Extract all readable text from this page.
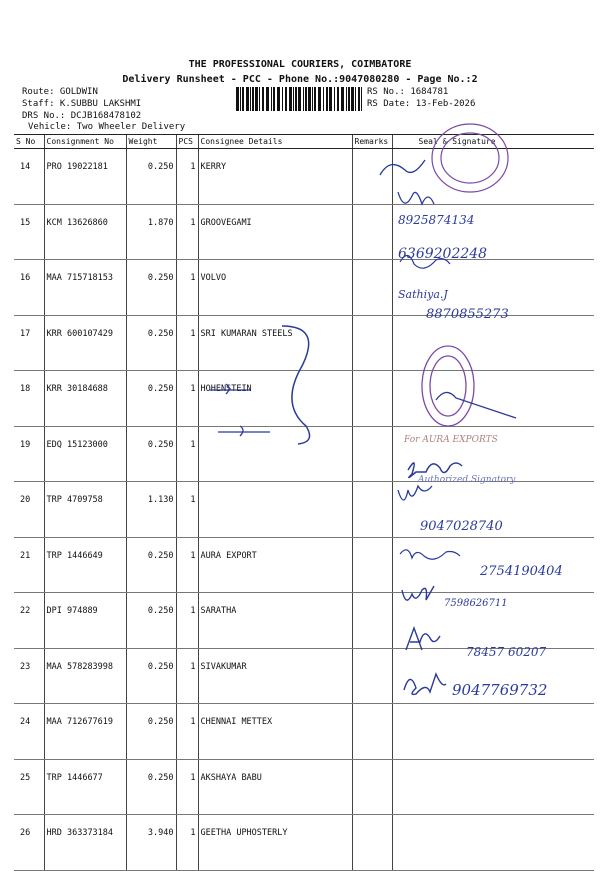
THE PROFESSIONAL COURIERS, COIMBATORE
Delivery Runsheet - PCC - Phone No.:9047080280 - Page No.:2
Route: GOLDWIN
Staff: K.SUBBU LAKSHMI
DRS No.: DCJB168478102
Vehicle: Two Wheeler Delivery
RS No.: 1684781
RS Date: 13-Feb-2026
S No	Consignment No	Weight	PCS	Consignee Details	Remarks	Seal & Signature
14	PRO 19022181	0.250	1	KERRY		
15	KCM 13626860	1.870	1	GROOVEGAMI		
16	MAA 715718153	0.250	1	VOLVO		
17	KRR 600107429	0.250	1	SRI KUMARAN STEELS		
18	KRR 30184688	0.250	1	HOHENSTEIN		
19	EDQ 15123000	0.250	1			
20	TRP 4709758	1.130	1			
21	TRP 1446649	0.250	1	AURA EXPORT		
22	DPI 974889	0.250	1	SARATHA		
23	MAA 578283998	0.250	1	SIVAKUMAR		
24	MAA 712677619	0.250	1	CHENNAI METTEX		
25	TRP 1446677	0.250	1	AKSHAYA BABU		
26	HRD 363373184	3.940	1	GEETHA UPHOSTERLY		
8925874134
6369202248
Sathiya.J
8870855273
For AURA EXPORTS
Authorized Signatory
9047028740
2754190404
7598626711
78457 60207
9047769732
